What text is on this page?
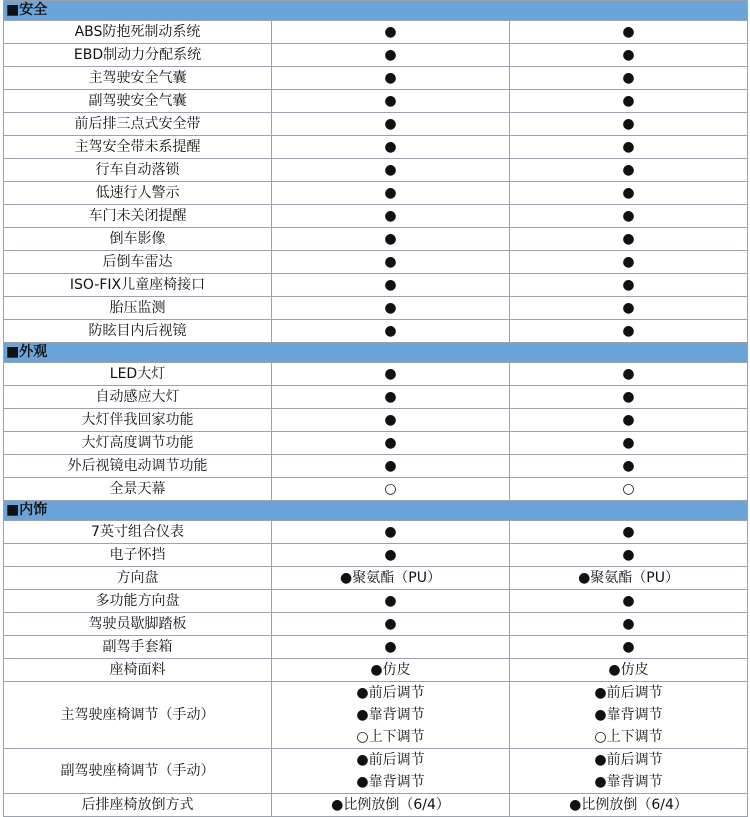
■安全		
ABS防抱死制动系统	●	●

EBD制动力分配系统	●	●

主驾驶安全气囊	●	●

副驾驶安全气囊	●	●

前后排三点式安全带	●	●

主驾安全带未系提醒	●	●

行车自动落锁	●	●

低速行人警示	●	●

车门未关闭提醒	●	●

倒车影像	●	●

后倒车雷达	●	●

ISO-FIX儿童座椅接口	●	●

胎压监测	●	●

防眩目内后视镜	●	●

■外观		
LED大灯	●	●

自动感应大灯	●	●

大灯伴我回家功能	●	●

大灯高度调节功能	●	●

外后视镜电动调节功能	●	●

全景天幕	○	○

■内饰		
7英寸组合仪表	●	●

电子怀挡	●	●

方向盘	●聚氨酯（PU）	●聚氨酯（PU）

多功能方向盘	●	●

驾驶员歇脚踏板	●	●

副驾手套箱	●	●

座椅面料	●仿皮	●仿皮

主驾驶座椅调节（手动）	●前后调节
●靠背调节
○上下调节	●前后调节
●靠背调节
○上下调节

副驾驶座椅调节（手动）	●前后调节
●靠背调节	●前后调节
●靠背调节

后排座椅放倒方式	●比例放倒（6/4）	●比例放倒（6/4）
